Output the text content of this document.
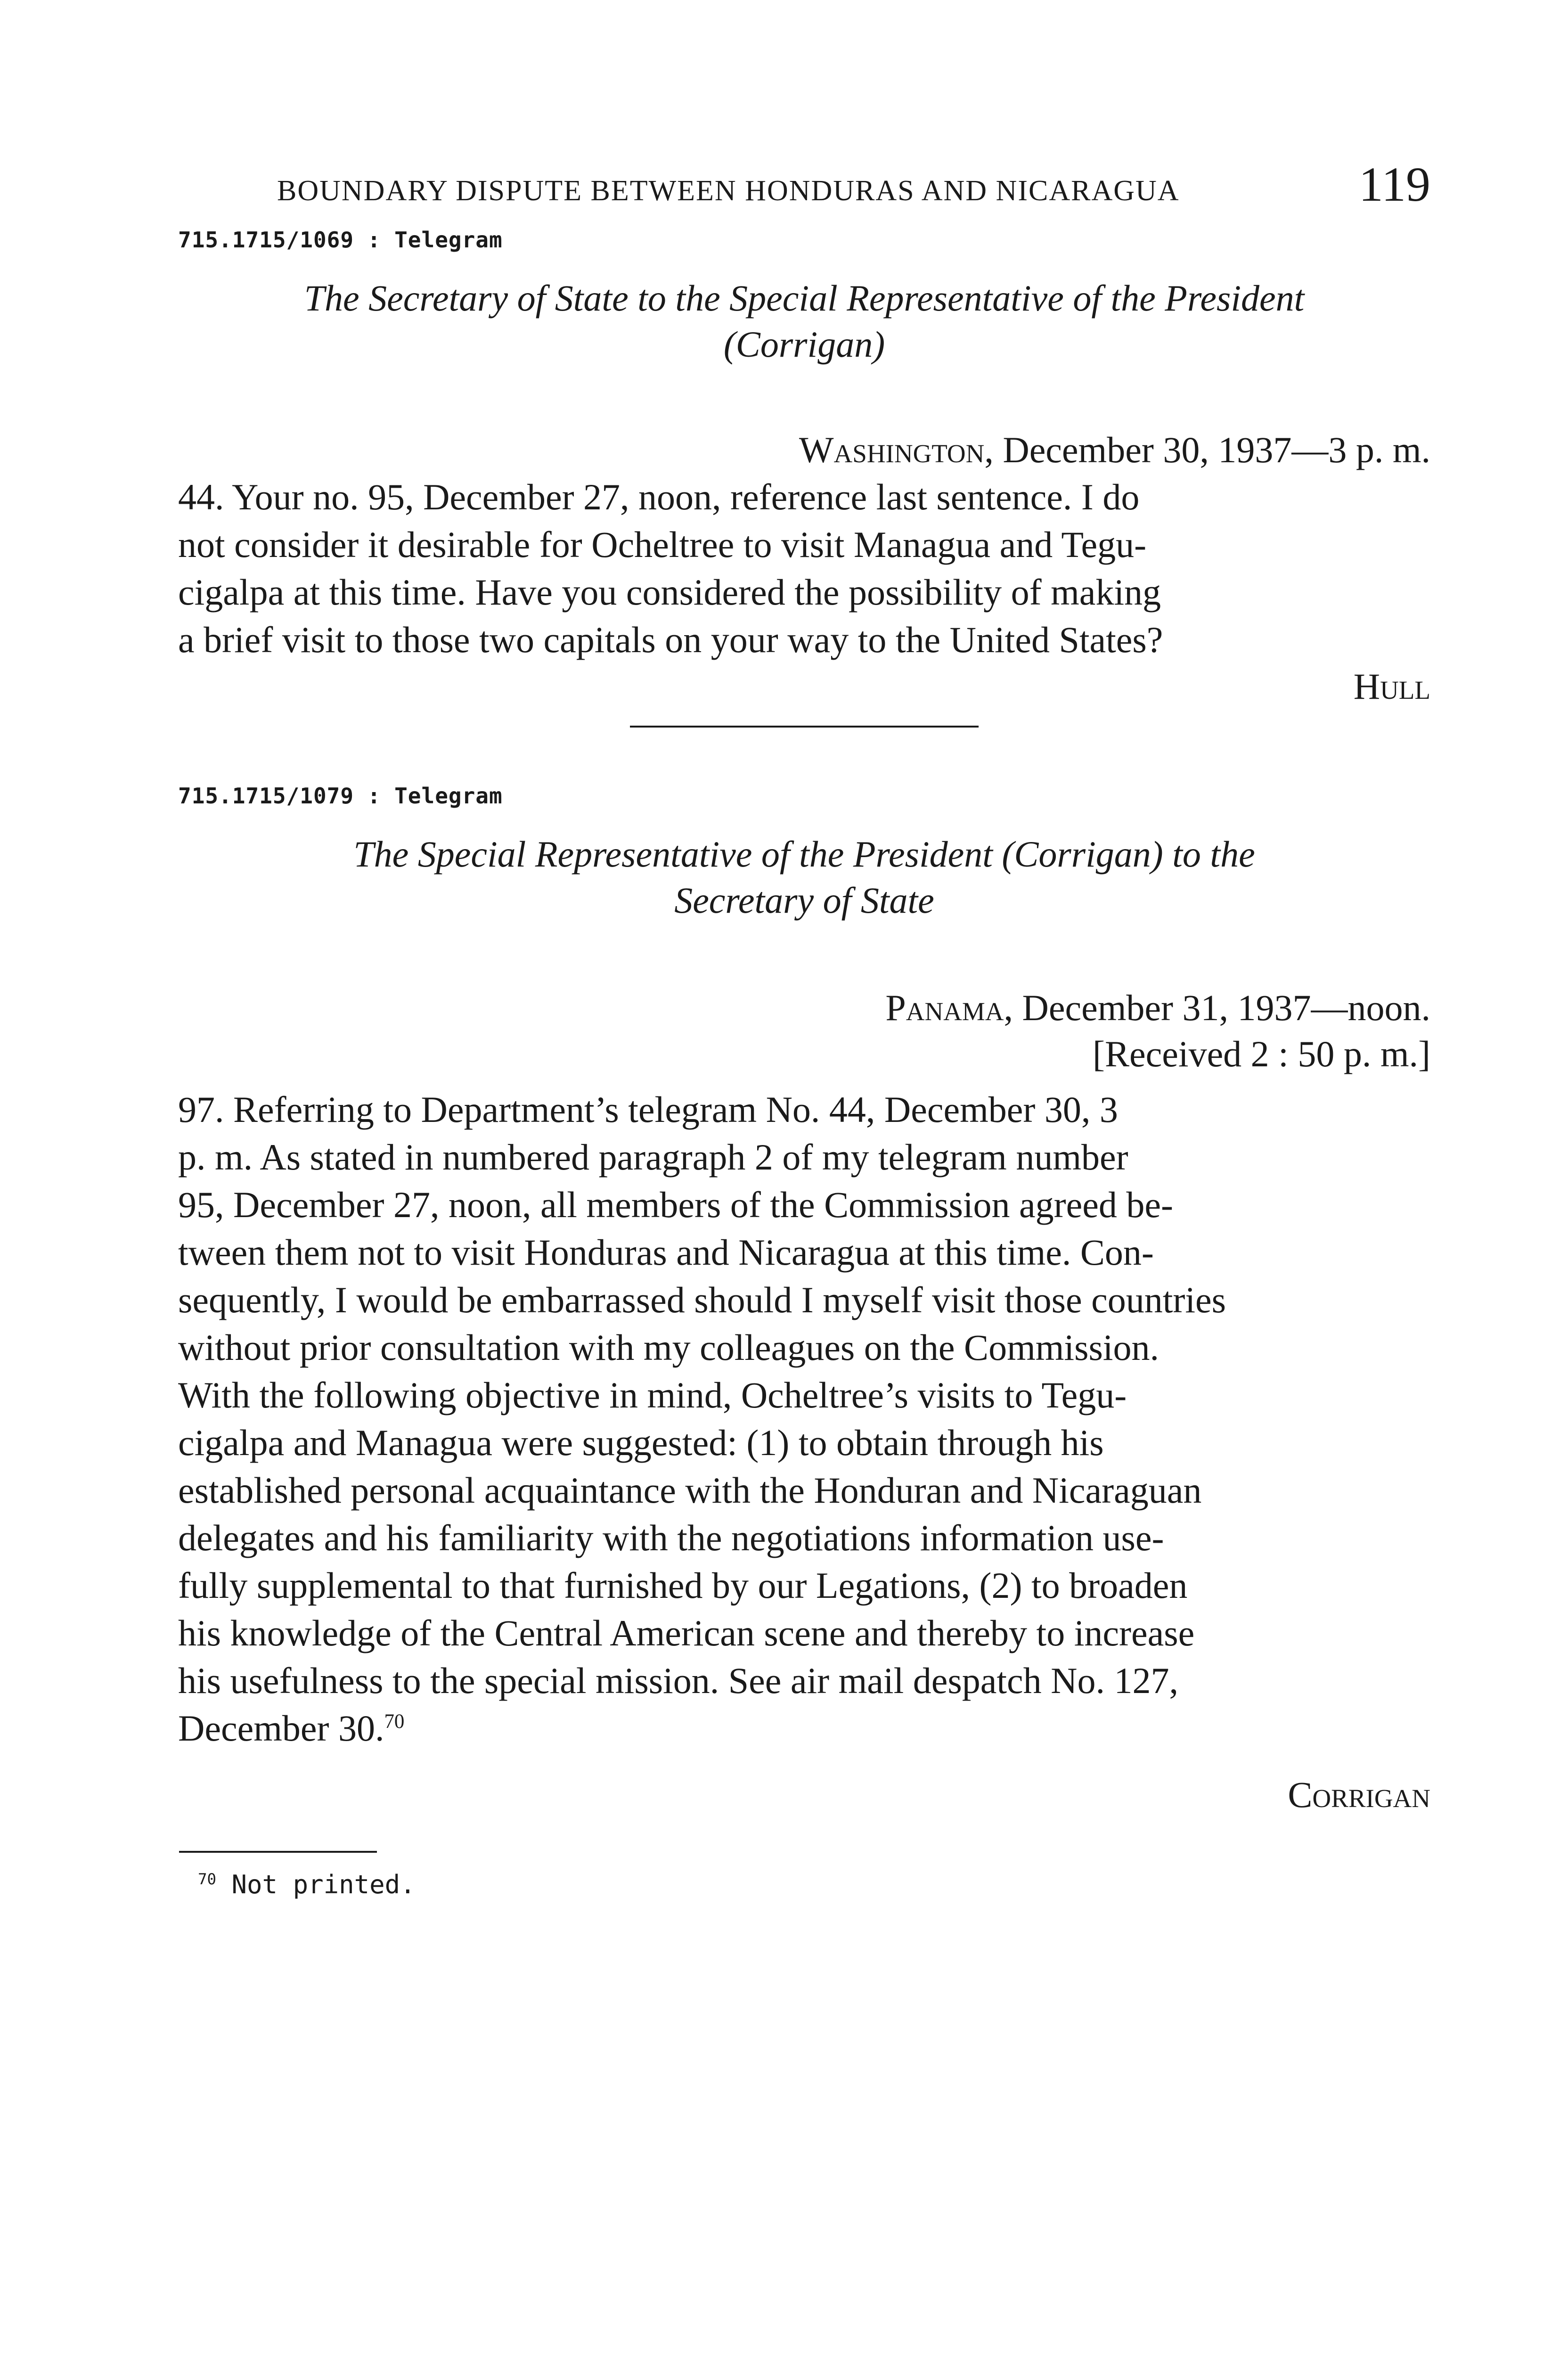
BOUNDARY DISPUTE BETWEEN HONDURAS AND NICARAGUA	119
715.1715/1069 : Telegram
The Secretary of State to the Special Representative of the President
(Corrigan)
Washington, December 30, 1937—3 p. m.
44. Your no. 95, December 27, noon, reference last sentence. I do
not consider it desirable for Ocheltree to visit Managua and Tegu-
cigalpa at this time. Have you considered the possibility of making
a brief visit to those two capitals on your way to the United States?
Hull
715.1715/1079 : Telegram
The Special Representative of the President (Corrigan) to the
Secretary of State
Panama, December 31, 1937—noon.
[Received 2 : 50 p. m.]
97. Referring to Department’s telegram No. 44, December 30, 3
p. m. As stated in numbered paragraph 2 of my telegram number
95, December 27, noon, all members of the Commission agreed be-
tween them not to visit Honduras and Nicaragua at this time. Con-
sequently, I would be embarrassed should I myself visit those countries
without prior consultation with my colleagues on the Commission.
With the following objective in mind, Ocheltree’s visits to Tegu-
cigalpa and Managua were suggested: (1) to obtain through his
established personal acquaintance with the Honduran and Nicaraguan
delegates and his familiarity with the negotiations information use-
fully supplemental to that furnished by our Legations, (2) to broaden
his knowledge of the Central American scene and thereby to increase
his usefulness to the special mission. See air mail despatch No. 127,
December 30.70
Corrigan
$^{70}$ Not printed.
